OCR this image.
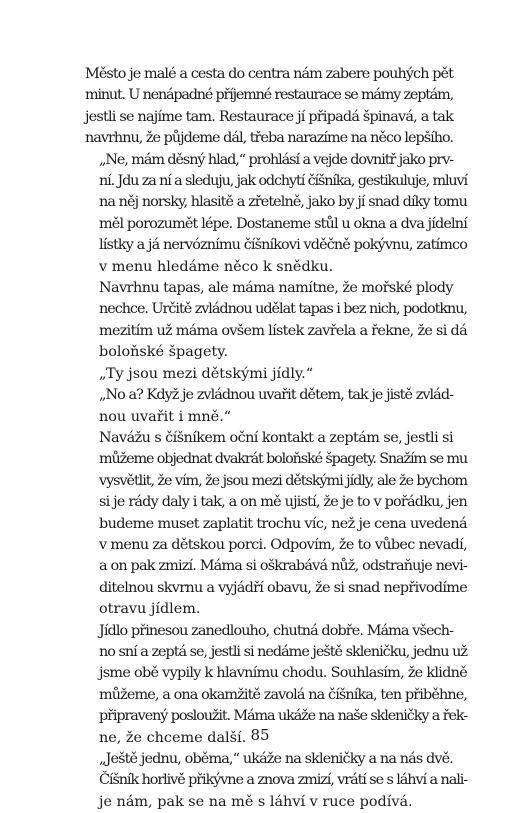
Město je malé a cesta do centra nám zabere pouhých pět
minut. U nenápadné příjemné restaurace se mámy zeptám,
jestli se najíme tam. Restaurace jí připadá špinavá, a tak
navrhnu, že půjdeme dál, třeba narazíme na něco lepšího.

„Ne, mám děsný hlad,“ prohlásí a vejde dovnitř jako prv-
ní. Jdu za ní a sleduju, jak odchytí číšníka, gestikuluje, mluví
na něj norsky, hlasitě a zřetelně, jako by jí snad díky tomu
měl porozumět lépe. Dostaneme stůl u okna a dva jídelní
lístky a já nervóznímu číšníkovi vděčně pokývnu, zatímco
v menu hledáme něco k snědku.

Navrhnu tapas, ale máma namítne, že mořské plody
nechce. Určitě zvládnou udělat tapas i bez nich, podotknu,
mezitím už máma ovšem lístek zavřela a řekne, že si dá
boloňské špagety.

„Ty jsou mezi dětskými jídly.“

„No a? Když je zvládnou uvařit dětem, tak je jistě zvlád-
nou uvařit i mně.“

Navážu s číšníkem oční kontakt a zeptám se, jestli si
můžeme objednat dvakrát boloňské špagety. Snažím se mu
vysvětlit, že vím, že jsou mezi dětskými jídly, ale že bychom
si je rády daly i tak, a on mě ujistí, že je to v pořádku, jen
budeme muset zaplatit trochu víc, než je cena uvedená
v menu za dětskou porci. Odpovím, že to vůbec nevadí,
a on pak zmizí. Máma si oškrabává nůž, odstraňuje nevi-
ditelnou skvrnu a vyjádří obavu, že si snad nepřivodíme
otravu jídlem.

Jídlo přinesou zanedlouho, chutná dobře. Máma všech-
no sní a zeptá se, jestli si nedáme ještě skleničku, jednu už
jsme obě vypily k hlavnímu chodu. Souhlasím, že klidně
můžeme, a ona okamžitě zavolá na číšníka, ten přiběhne,
připravený posloužit. Máma ukáže na naše skleničky a řek-
ne, že chceme další.

„Ještě jednu, oběma,“ ukáže na skleničky a na nás dvě.
Číšník horlivě přikývne a znova zmizí, vrátí se s láhví a nali-
je nám, pak se na mě s láhví v ruce podívá.

85
